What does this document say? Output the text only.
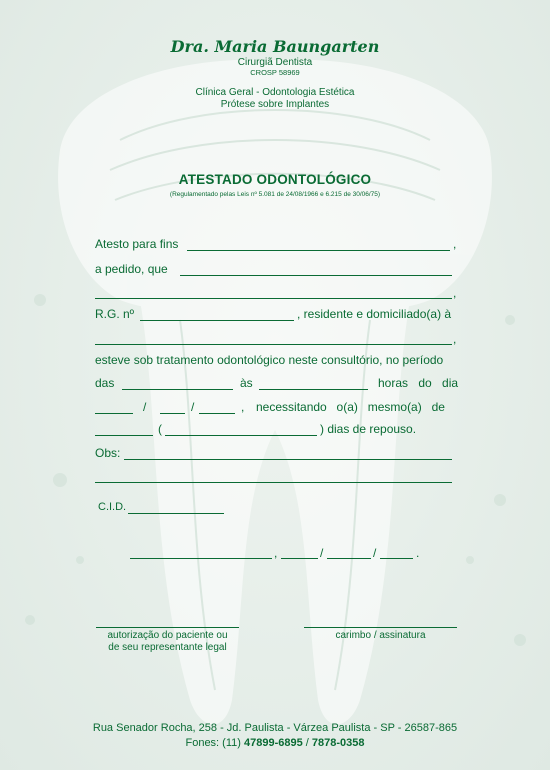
Dra. Maria Baungarten
Cirurgiã Dentista
CROSP 58969
Clínica Geral - Odontologia Estética
Prótese sobre Implantes
ATESTADO ODONTOLÓGICO
(Regulamentado pelas Leis nº 5.081 de 24/08/1966 e 6.215 de 30/06/75)
Atesto para fins	,
a pedido, que
,
R.G. nº	, residente e domiciliado(a) à
,
esteve sob tratamento odontológico neste consultório, no período
das	às	horas do dia
/	/	, necessitando o(a) mesmo(a) de
(	) dias de repouso.
Obs:
C.I.D.
,	/	/	.
autorização do paciente ou
de seu representante legal
carimbo / assinatura
Rua Senador Rocha, 258 - Jd. Paulista - Várzea Paulista - SP - 26587-865
Fones: (11) 47899-6895 / 7878-0358
